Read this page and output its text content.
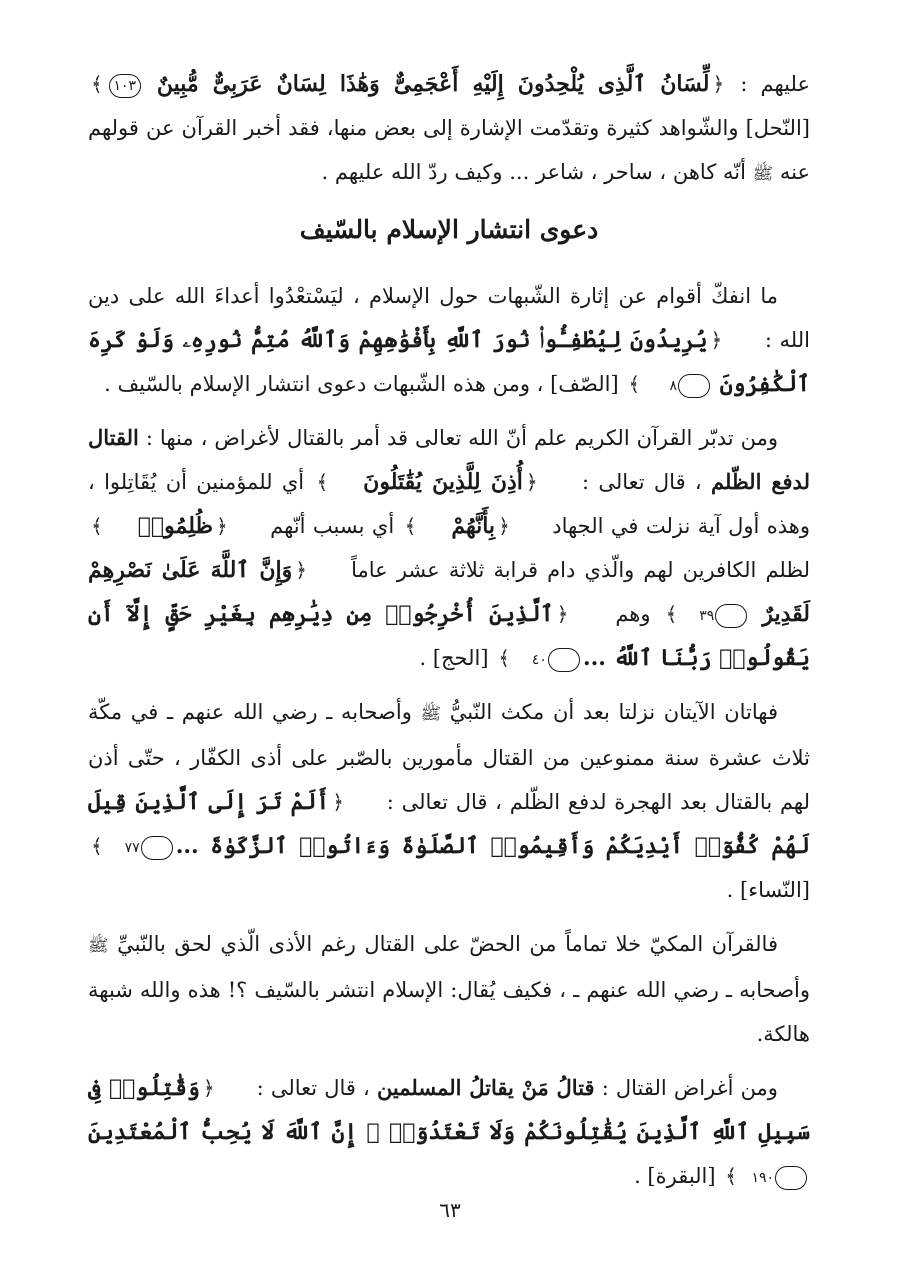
عليهم : ﴿لِّسَانُ ٱلَّذِى يُلْحِدُونَ إِلَيْهِ أَعْجَمِىٌّ وَهَٰذَا لِسَانٌ عَرَبِىٌّ مُّبِينٌ ١٠٣﴾ [النّحل] والشّواهد كثيرة وتقدّمت الإشارة إلى بعض منها، فقد أخبر القرآن عن قولهم عنه ﷺ أنّه كاهن ، ساحر ، شاعر ... وكيف ردّ الله عليهم .

دعوى انتشار الإسلام بالسّيف

ما انفكّ أقوام عن إثارة الشّبهات حول الإسلام ، ليَسْتعْدُوا أعداءَ الله على دين الله : ﴿يُرِيدُونَ لِيُطْفِـُٔوا۟ نُورَ ٱللَّهِ بِأَفْوَٰهِهِمْ وَٱللَّهُ مُتِمُّ نُورِهِۦ وَلَوْ كَرِهَ ٱلْكَٰفِرُونَ ٨﴾ [الصّف] ، ومن هذه الشّبهات دعوى انتشار الإسلام بالسّيف .

ومن تدبّر القرآن الكريم علم أنّ الله تعالى قد أمر بالقتال لأغراض ، منها : القتال لدفع الظّلم ، قال تعالى : ﴿أُذِنَ لِلَّذِينَ يُقَٰتَلُونَ﴾ أي للمؤمنين أن يُقَاتِلوا ، وهذه أول آية نزلت في الجهاد ﴿بِأَنَّهُمْ﴾ أي بسبب أنّهم ﴿ظُلِمُوا۟﴾ لظلم الكافرين لهم والّذي دام قرابة ثلاثة عشر عاماً ﴿وَإِنَّ ٱللَّهَ عَلَىٰ نَصْرِهِمْ لَقَدِيرٌ ٣٩﴾ وهم ﴿ٱلَّذِينَ أُخْرِجُوا۟ مِن دِيَٰرِهِم بِغَيْرِ حَقٍّ إِلَّآ أَن يَقُولُوا۟ رَبُّنَا ٱللَّهُ ...٤٠﴾ [الحج] .

فهاتان الآيتان نزلتا بعد أن مكث النّبيُّ ﷺ وأصحابه ـ رضي الله عنهم ـ في مكّة ثلاث عشرة سنة ممنوعين من القتال مأمورين بالصّبر على أذى الكفّار ، حتّى أذن لهم بالقتال بعد الهجرة لدفع الظّلم ، قال تعالى : ﴿أَلَمْ تَرَ إِلَى ٱلَّذِينَ قِيلَ لَهُمْ كُفُّوٓا۟ أَيْدِيَكُمْ وَأَقِيمُوا۟ ٱلصَّلَوٰةَ وَءَاتُوا۟ ٱلزَّكَوٰةَ ...٧٧﴾ [النّساء] .

فالقرآن المكيّ خلا تماماً من الحضّ على القتال رغم الأذى الّذي لحق بالنّبيِّ ﷺ وأصحابه ـ رضي الله عنهم ـ ، فكيف يُقال: الإسلام انتشر بالسّيف ؟! هذه والله شبهة هالكة.

ومن أغراض القتال : قتالُ مَنْ يقاتلُ المسلمين ، قال تعالى : ﴿وَقَٰتِلُوا۟ فِى سَبِيلِ ٱللَّهِ ٱلَّذِينَ يُقَٰتِلُونَكُمْ وَلَا تَعْتَدُوٓا۟ ۚ إِنَّ ٱللَّهَ لَا يُحِبُّ ٱلْمُعْتَدِينَ ١٩٠﴾ [البقرة] .

٦٣
